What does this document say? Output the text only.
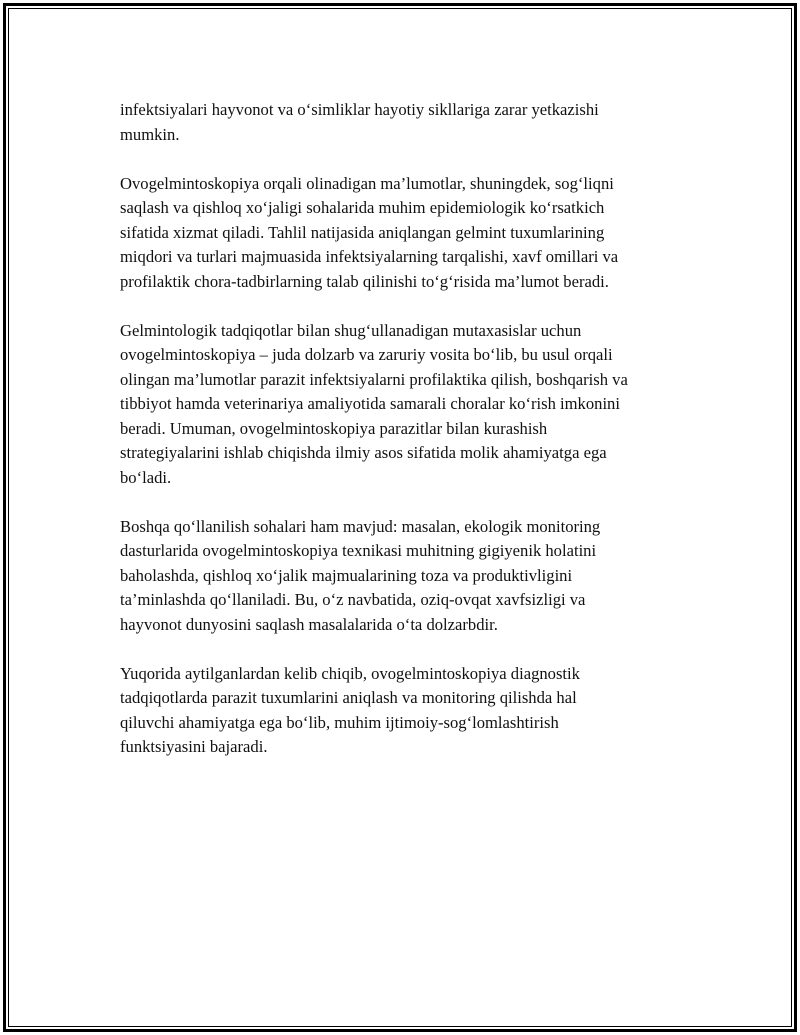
infektsiyalari hayvonot va o‘simliklar hayotiy sikllariga zarar yetkazishi
mumkin.

Ovogelmintoskopiya orqali olinadigan ma’lumotlar, shuningdek, sog‘liqni
saqlash va qishloq xo‘jaligi sohalarida muhim epidemiologik ko‘rsatkich
sifatida xizmat qiladi. Tahlil natijasida aniqlangan gelmint tuxumlarining
miqdori va turlari majmuasida infektsiyalarning tarqalishi, xavf omillari va
profilaktik chora-tadbirlarning talab qilinishi to‘g‘risida ma’lumot beradi.

Gelmintologik tadqiqotlar bilan shug‘ullanadigan mutaxasislar uchun
ovogelmintoskopiya – juda dolzarb va zaruriy vosita bo‘lib, bu usul orqali
olingan ma’lumotlar parazit infektsiyalarni profilaktika qilish, boshqarish va
tibbiyot hamda veterinariya amaliyotida samarali choralar ko‘rish imkonini
beradi. Umuman, ovogelmintoskopiya parazitlar bilan kurashish
strategiyalarini ishlab chiqishda ilmiy asos sifatida molik ahamiyatga ega
bo‘ladi.

Boshqa qo‘llanilish sohalari ham mavjud: masalan, ekologik monitoring
dasturlarida ovogelmintoskopiya texnikasi muhitning gigiyenik holatini
baholashda, qishloq xo‘jalik majmualarining toza va produktivligini
ta’minlashda qo‘llaniladi. Bu, o‘z navbatida, oziq-ovqat xavfsizligi va
hayvonot dunyosini saqlash masalalarida o‘ta dolzarbdir.

Yuqorida aytilganlardan kelib chiqib, ovogelmintoskopiya diagnostik
tadqiqotlarda parazit tuxumlarini aniqlash va monitoring qilishda hal
qiluvchi ahamiyatga ega bo‘lib, muhim ijtimoiy-sog‘lomlashtirish
funktsiyasini bajaradi.
